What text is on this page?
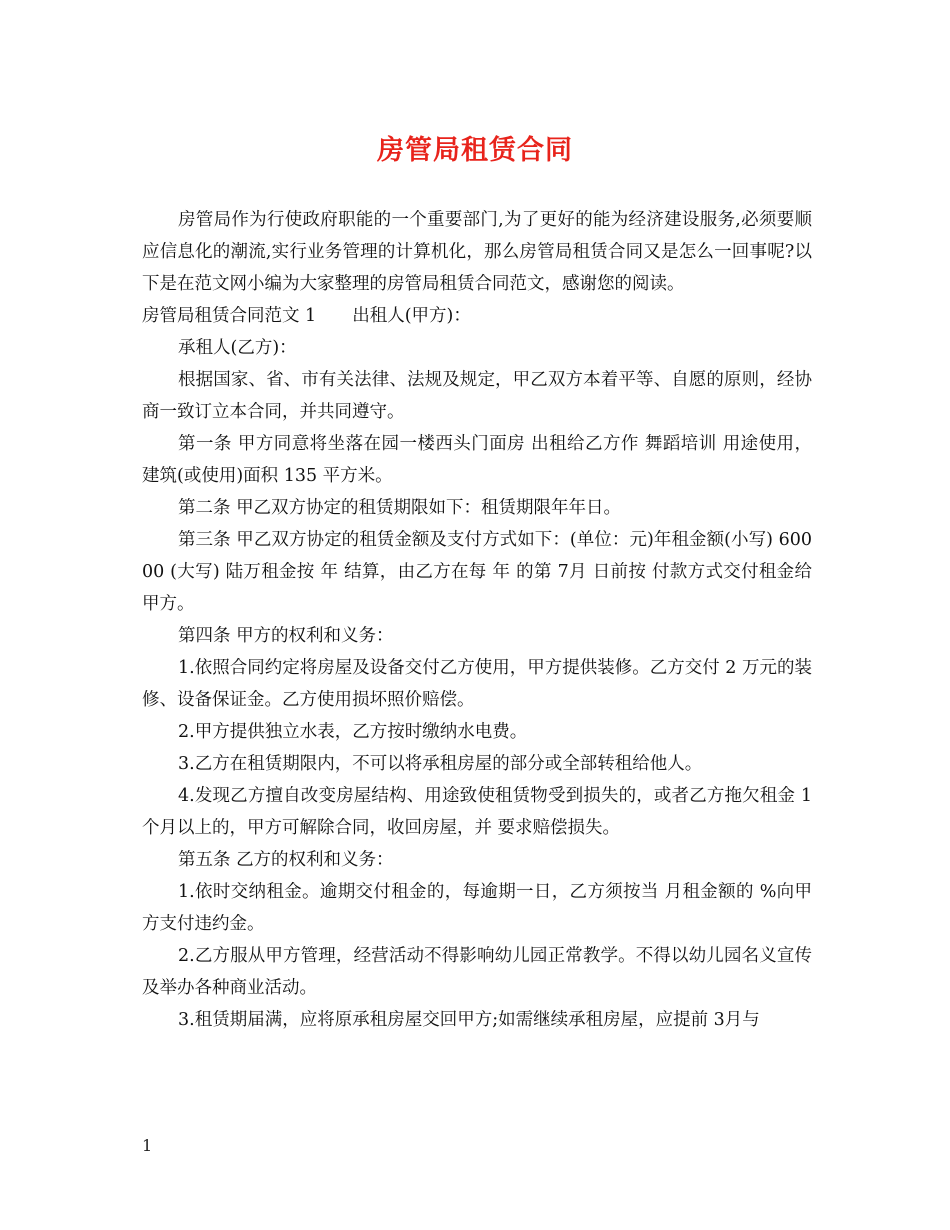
房管局租赁合同

房管局作为行使政府职能的一个重要部门,为了更好的能为经济建设服务,必须要顺应信息化的潮流,实行业务管理的计算机化，那么房管局租赁合同又是怎么一回事呢?以下是在范文网小编为大家整理的房管局租赁合同范文，感谢您的阅读。

房管局租赁合同范文 1 出租人(甲方)：

承租人(乙方)：

根据国家、省、市有关法律、法规及规定，甲乙双方本着平等、自愿的原则，经协商一致订立本合同，并共同遵守。

第一条 甲方同意将坐落在园一楼西头门面房 出租给乙方作 舞蹈培训 用途使用，建筑(或使用)面积 135 平方米。

第二条 甲乙双方协定的租赁期限如下：租赁期限年年日。

第三条 甲乙双方协定的租赁金额及支付方式如下：(单位：元)年租金额(小写) 60000 (大写) 陆万租金按 年 结算，由乙方在每 年 的第 7月 日前按 付款方式交付租金给甲方。

第四条 甲方的权利和义务：

1.依照合同约定将房屋及设备交付乙方使用，甲方提供装修。乙方交付 2 万元的装修、设备保证金。乙方使用损坏照价赔偿。

2.甲方提供独立水表，乙方按时缴纳水电费。

3.乙方在租赁期限内，不可以将承租房屋的部分或全部转租给他人。

4.发现乙方擅自改变房屋结构、用途致使租赁物受到损失的，或者乙方拖欠租金 1 个月以上的，甲方可解除合同，收回房屋，并 要求赔偿损失。

第五条 乙方的权利和义务：

1.依时交纳租金。逾期交付租金的，每逾期一日，乙方须按当 月租金额的 %向甲方支付违约金。

2.乙方服从甲方管理，经营活动不得影响幼儿园正常教学。不得以幼儿园名义宣传及举办各种商业活动。

3.租赁期届满，应将原承租房屋交回甲方;如需继续承租房屋，应提前 3月与

1
